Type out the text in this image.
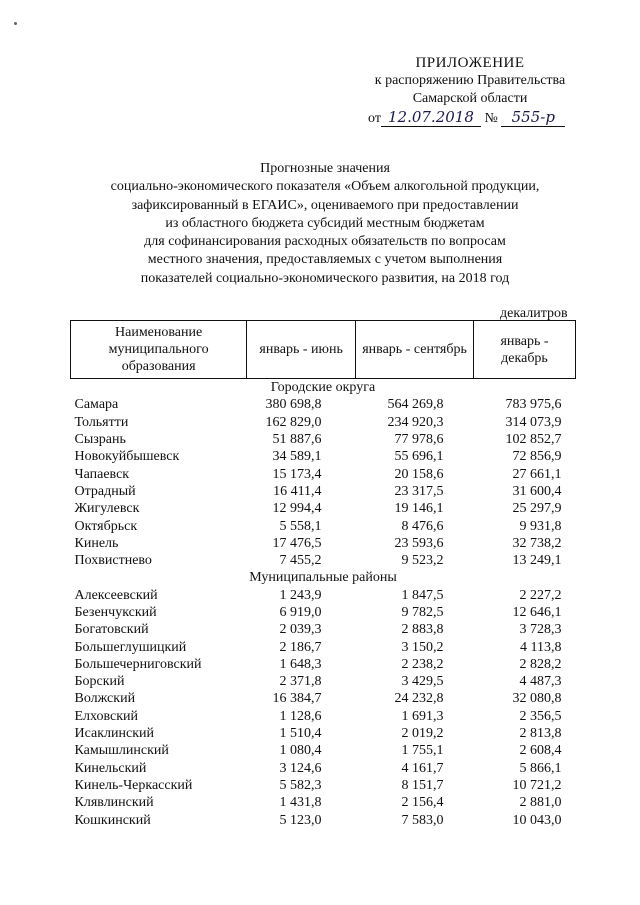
ПРИЛОЖЕНИЕ
к распоряжению Правительства
Самарской области
от 12.07.2018 № 555-р
Прогнозные значения
социально-экономического показателя «Объем алкогольной продукции,
зафиксированный в ЕГАИС», оцениваемого при предоставлении
из областного бюджета субсидий местным бюджетам
для софинансирования расходных обязательств по вопросам
местного значения, предоставляемых с учетом выполнения
показателей социально-экономического развития, на 2018 год
декалитров
Наименование муниципального образования	январь - июнь	январь - сентябрь	январь - декабрь
Городские округа			
Самара	380 698,8	564 269,8	783 975,6
Тольятти	162 829,0	234 920,3	314 073,9
Сызрань	51 887,6	77 978,6	102 852,7
Новокуйбышевск	34 589,1	55 696,1	72 856,9
Чапаевск	15 173,4	20 158,6	27 661,1
Отрадный	16 411,4	23 317,5	31 600,4
Жигулевск	12 994,4	19 146,1	25 297,9
Октябрьск	5 558,1	8 476,6	9 931,8
Кинель	17 476,5	23 593,6	32 738,2
Похвистнево	7 455,2	9 523,2	13 249,1
Муниципальные районы			
Алексеевский	1 243,9	1 847,5	2 227,2
Безенчукский	6 919,0	9 782,5	12 646,1
Богатовский	2 039,3	2 883,8	3 728,3
Большеглушицкий	2 186,7	3 150,2	4 113,8
Большечерниговский	1 648,3	2 238,2	2 828,2
Борский	2 371,8	3 429,5	4 487,3
Волжский	16 384,7	24 232,8	32 080,8
Елховский	1 128,6	1 691,3	2 356,5
Исаклинский	1 510,4	2 019,2	2 813,8
Камышлинский	1 080,4	1 755,1	2 608,4
Кинельский	3 124,6	4 161,7	5 866,1
Кинель-Черкасский	5 582,3	8 151,7	10 721,2
Клявлинский	1 431,8	2 156,4	2 881,0
Кошкинский	5 123,0	7 583,0	10 043,0
